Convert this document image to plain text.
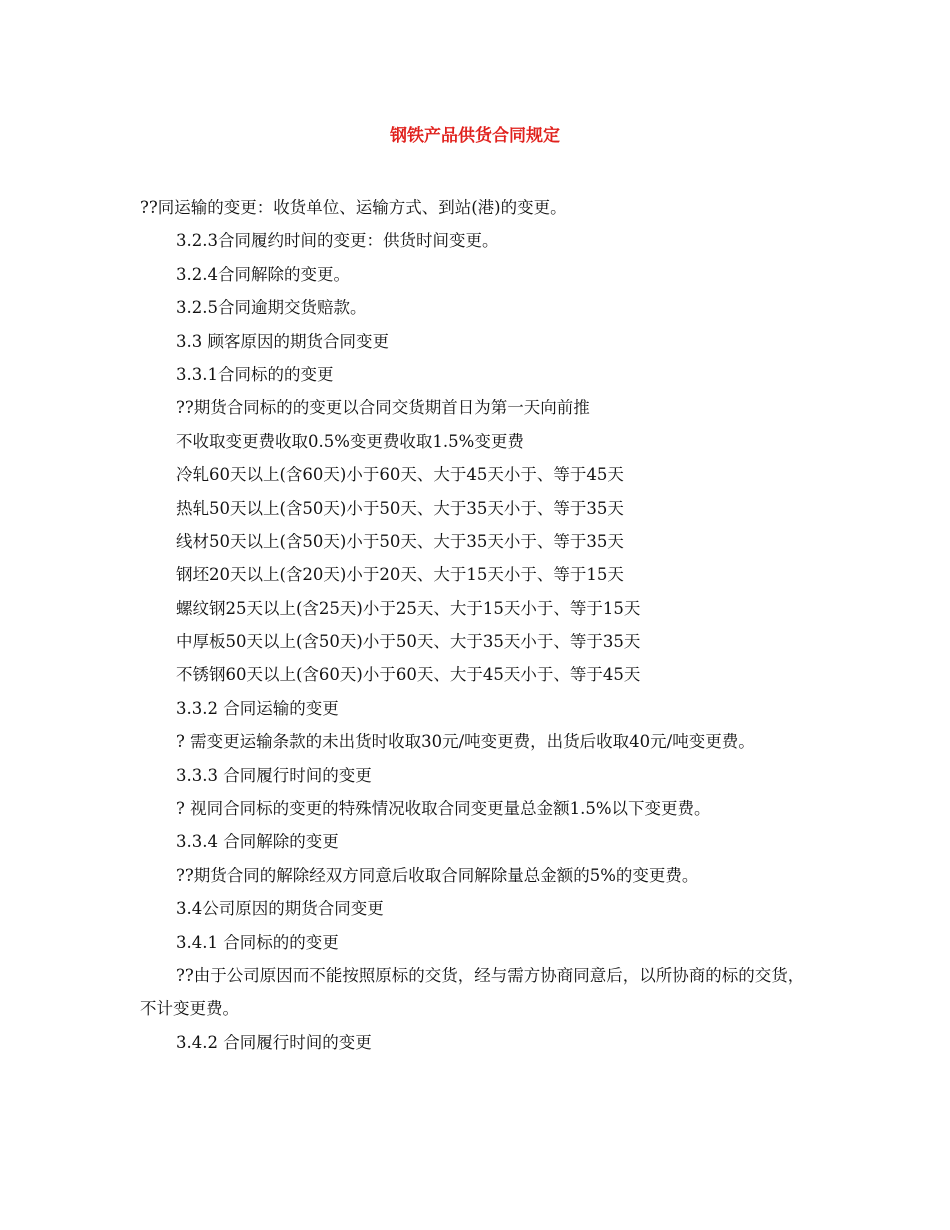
钢铁产品供货合同规定

??同运输的变更：收货单位、运输方式、到站(港)的变更。

3.2.3合同履约时间的变更：供货时间变更。

3.2.4合同解除的变更。

3.2.5合同逾期交货赔款。

3.3 顾客原因的期货合同变更

3.3.1合同标的的变更

??期货合同标的的变更以合同交货期首日为第一天向前推

不收取变更费收取0.5%变更费收取1.5%变更费

冷轧60天以上(含60天)小于60天、大于45天小于、等于45天

热轧50天以上(含50天)小于50天、大于35天小于、等于35天

线材50天以上(含50天)小于50天、大于35天小于、等于35天

钢坯20天以上(含20天)小于20天、大于15天小于、等于15天

螺纹钢25天以上(含25天)小于25天、大于15天小于、等于15天

中厚板50天以上(含50天)小于50天、大于35天小于、等于35天

不锈钢60天以上(含60天)小于60天、大于45天小于、等于45天

3.3.2 合同运输的变更

? 需变更运输条款的未出货时收取30元/吨变更费，出货后收取40元/吨变更费。

3.3.3 合同履行时间的变更

? 视同合同标的变更的特殊情况收取合同变更量总金额1.5%以下变更费。

3.3.4 合同解除的变更

??期货合同的解除经双方同意后收取合同解除量总金额的5%的变更费。

3.4公司原因的期货合同变更

3.4.1 合同标的的变更

??由于公司原因而不能按照原标的交货，经与需方协商同意后，以所协商的标的交货，不计变更费。

3.4.2 合同履行时间的变更
